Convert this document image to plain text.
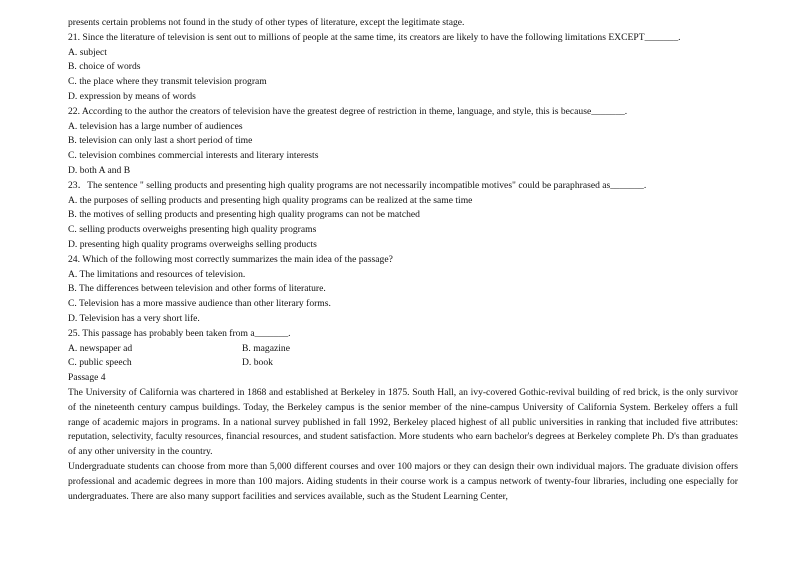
presents certain problems not found in the study of other types of literature, except the legitimate stage.
21. Since the literature of television is sent out to millions of people at the same time, its creators are likely to have the following limitations EXCEPT_______.
A. subject
B. choice of words
C. the place where they transmit television program
D. expression by means of words
22. According to the author the creators of television have the greatest degree of restriction in theme, language, and style, this is because_______.
A. television has a large number of audiences
B. television can only last a short period of time
C. television combines commercial interests and literary interests
D. both A and B
23．The sentence " selling products and presenting high quality programs are not necessarily incompatible motives" could be paraphrased as_______.
A. the purposes of selling products and presenting high quality programs can be realized at the same time
B. the motives of selling products and presenting high quality programs can not be matched
C. selling products overweighs presenting high quality programs
D. presenting high quality programs overweighs selling products
24. Which of the following most correctly summarizes the main idea of the passage?
A. The limitations and resources of television.
B. The differences between television and other forms of literature.
C. Television has a more massive audience than other literary forms.
D. Television has a very short life.
25. This passage has probably been taken from a_______.
A. newspaper ad	B. magazine
C. public speech	D. book
Passage 4
The University of California was chartered in 1868 and established at Berkeley in 1875. South Hall, an ivy-covered Gothic-revival building of red brick, is the only survivor of the nineteenth century campus buildings. Today, the Berkeley campus is the senior member of the nine-campus University of California System. Berkeley offers a full range of academic majors in programs. In a national survey published in fall 1992, Berkeley placed highest of all public universities in ranking that included five attributes: reputation, selectivity, faculty resources, financial resources, and student satisfaction. More students who earn bachelor's degrees at Berkeley complete Ph. D's than graduates of any other university in the country.
Undergraduate students can choose from more than 5,000 different courses and over 100 majors or they can design their own individual majors. The graduate division offers professional and academic degrees in more than 100 majors. Aiding students in their course work is a campus network of twenty-four libraries, including one especially for undergraduates. There are also many support facilities and services available, such as the Student Learning Center,
